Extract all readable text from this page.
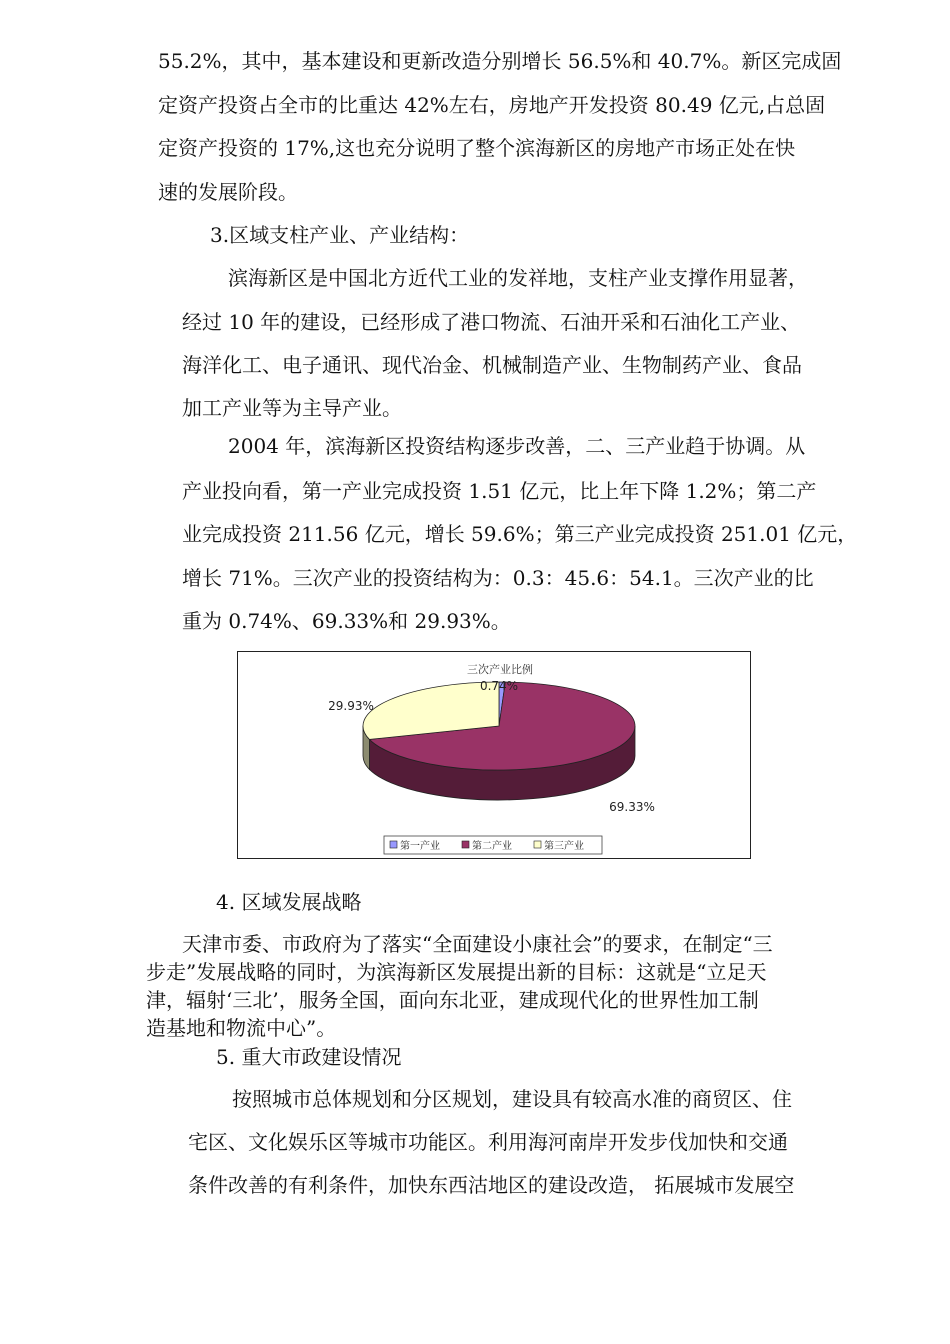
55.2%，其中，基本建设和更新改造分别增长 56.5%和 40.7%。新区完成固
定资产投资占全市的比重达 42%左右，房地产开发投资 80.49 亿元,占总固
定资产投资的 17%,这也充分说明了整个滨海新区的房地产市场正处在快
速的发展阶段。
3.区域支柱产业、产业结构：
滨海新区是中国北方近代工业的发祥地，支柱产业支撑作用显著，
经过 10 年的建设，已经形成了港口物流、石油开采和石油化工产业、
海洋化工、电子通讯、现代冶金、机械制造产业、生物制药产业、食品
加工产业等为主导产业。
2004 年，滨海新区投资结构逐步改善，二、三产业趋于协调。从
产业投向看，第一产业完成投资 1.51 亿元，比上年下降 1.2%；第二产
业完成投资 211.56 亿元，增长 59.6%；第三产业完成投资 251.01 亿元，
增长 71%。三次产业的投资结构为：0.3：45.6：54.1。三次产业的比
重为 0.74%、69.33%和 29.93%。
三次产业比例
0.74%
69.33%
29.93%
第一产业	第二产业	第三产业
4. 区域发展战略
天津市委、市政府为了落实“全面建设小康社会”的要求，在制定“三
步走”发展战略的同时，为滨海新区发展提出新的目标：这就是“立足天
津，辐射‘三北’，服务全国，面向东北亚，建成现代化的世界性加工制
造基地和物流中心”。
5. 重大市政建设情况
按照城市总体规划和分区规划，建设具有较高水准的商贸区、住
宅区、文化娱乐区等城市功能区。利用海河南岸开发步伐加快和交通
条件改善的有利条件，加快东西沽地区的建设改造， 拓展城市发展空
